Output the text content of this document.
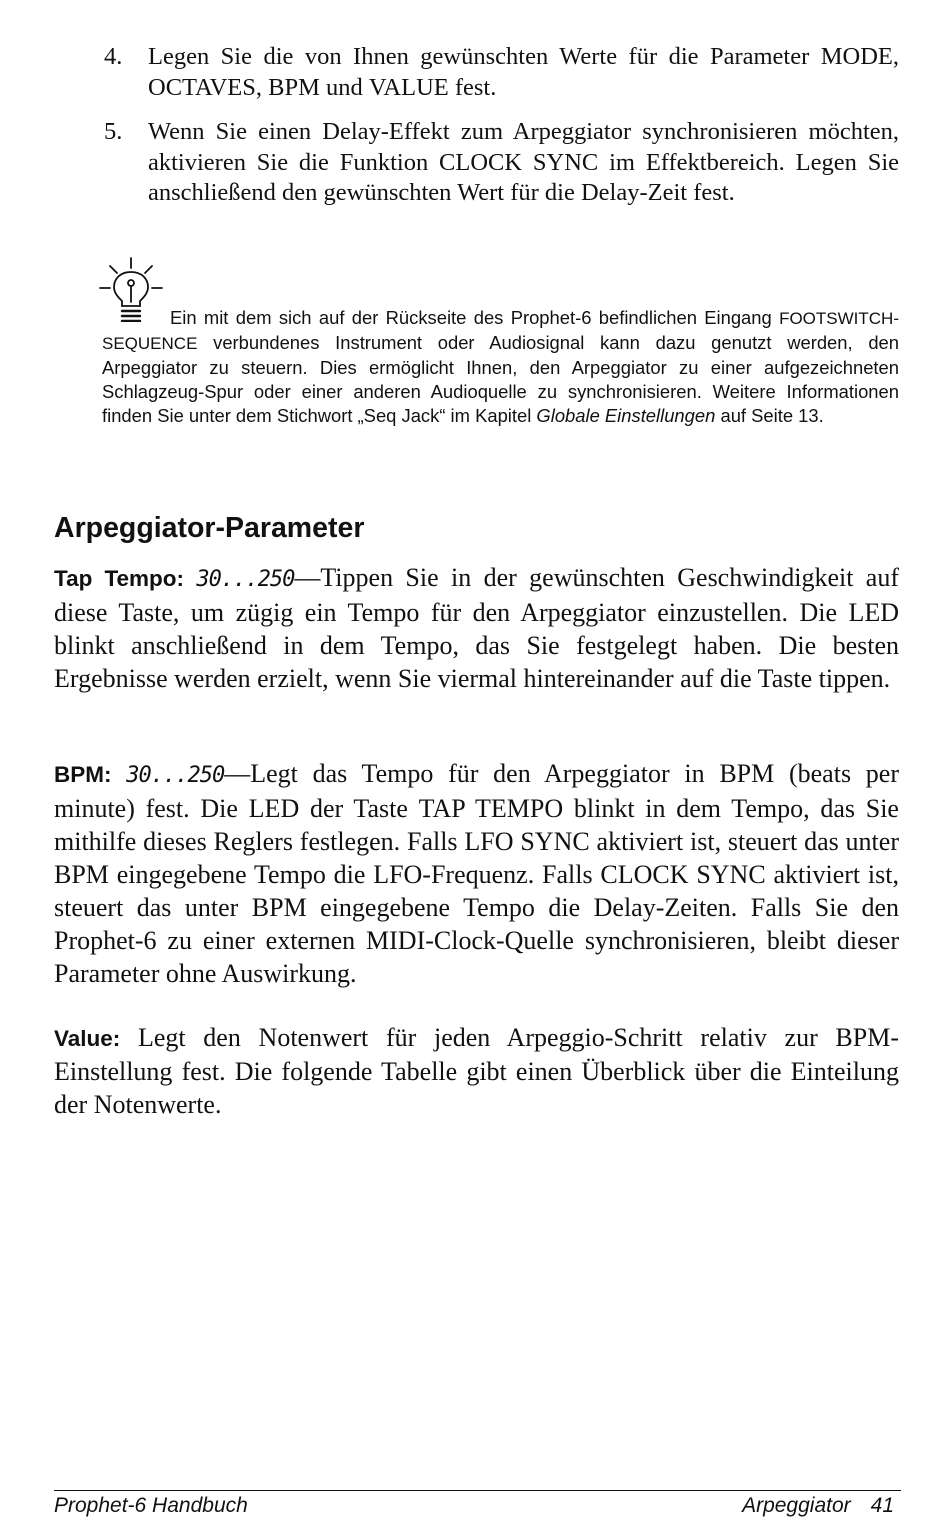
4. Legen Sie die von Ihnen gewünschten Werte für die Parameter MODE, OCTAVES, BPM und VALUE fest.
5. Wenn Sie einen Delay-Effekt zum Arpeggiator synchronisieren möchten, aktivieren Sie die Funktion CLOCK SYNC im Effektbereich. Legen Sie anschließend den gewünschten Wert für die Delay-Zeit fest.

Ein mit dem sich auf der Rückseite des Prophet-6 befindlichen Eingang FOOTSWITCH-SEQUENCE verbundenes Instrument oder Audiosignal kann dazu genutzt werden, den Arpeggiator zu steuern. Dies ermöglicht Ihnen, den Arpeggiator zu einer aufgezeichneten Schlagzeug-Spur oder einer anderen Audioquelle zu synchronisieren. Weitere Informationen finden Sie unter dem Stichwort „Seq Jack“ im Kapitel Globale Einstellungen auf Seite 13.

Arpeggiator-Parameter

Tap Tempo: 30...250—Tippen Sie in der gewünschten Geschwindigkeit auf diese Taste, um zügig ein Tempo für den Arpeggiator einzustellen. Die LED blinkt anschließend in dem Tempo, das Sie festgelegt haben. Die besten Ergebnisse werden erzielt, wenn Sie viermal hintereinander auf die Taste tippen.

BPM: 30...250—Legt das Tempo für den Arpeggiator in BPM (beats per minute) fest. Die LED der Taste TAP TEMPO blinkt in dem Tempo, das Sie mithilfe dieses Reglers festlegen. Falls LFO SYNC aktiviert ist, steuert das unter BPM eingegebene Tempo die LFO-Frequenz. Falls CLOCK SYNC aktiviert ist, steuert das unter BPM eingegebene Tempo die Delay-Zeiten. Falls Sie den Prophet-6 zu einer externen MIDI-Clock-Quelle synchronisieren, bleibt dieser Parameter ohne Auswirkung.

Value: Legt den Notenwert für jeden Arpeggio-Schritt relativ zur BPM-Einstellung fest. Die folgende Tabelle gibt einen Überblick über die Einteilung der Notenwerte.

Prophet-6 Handbuch	Arpeggiator 41
